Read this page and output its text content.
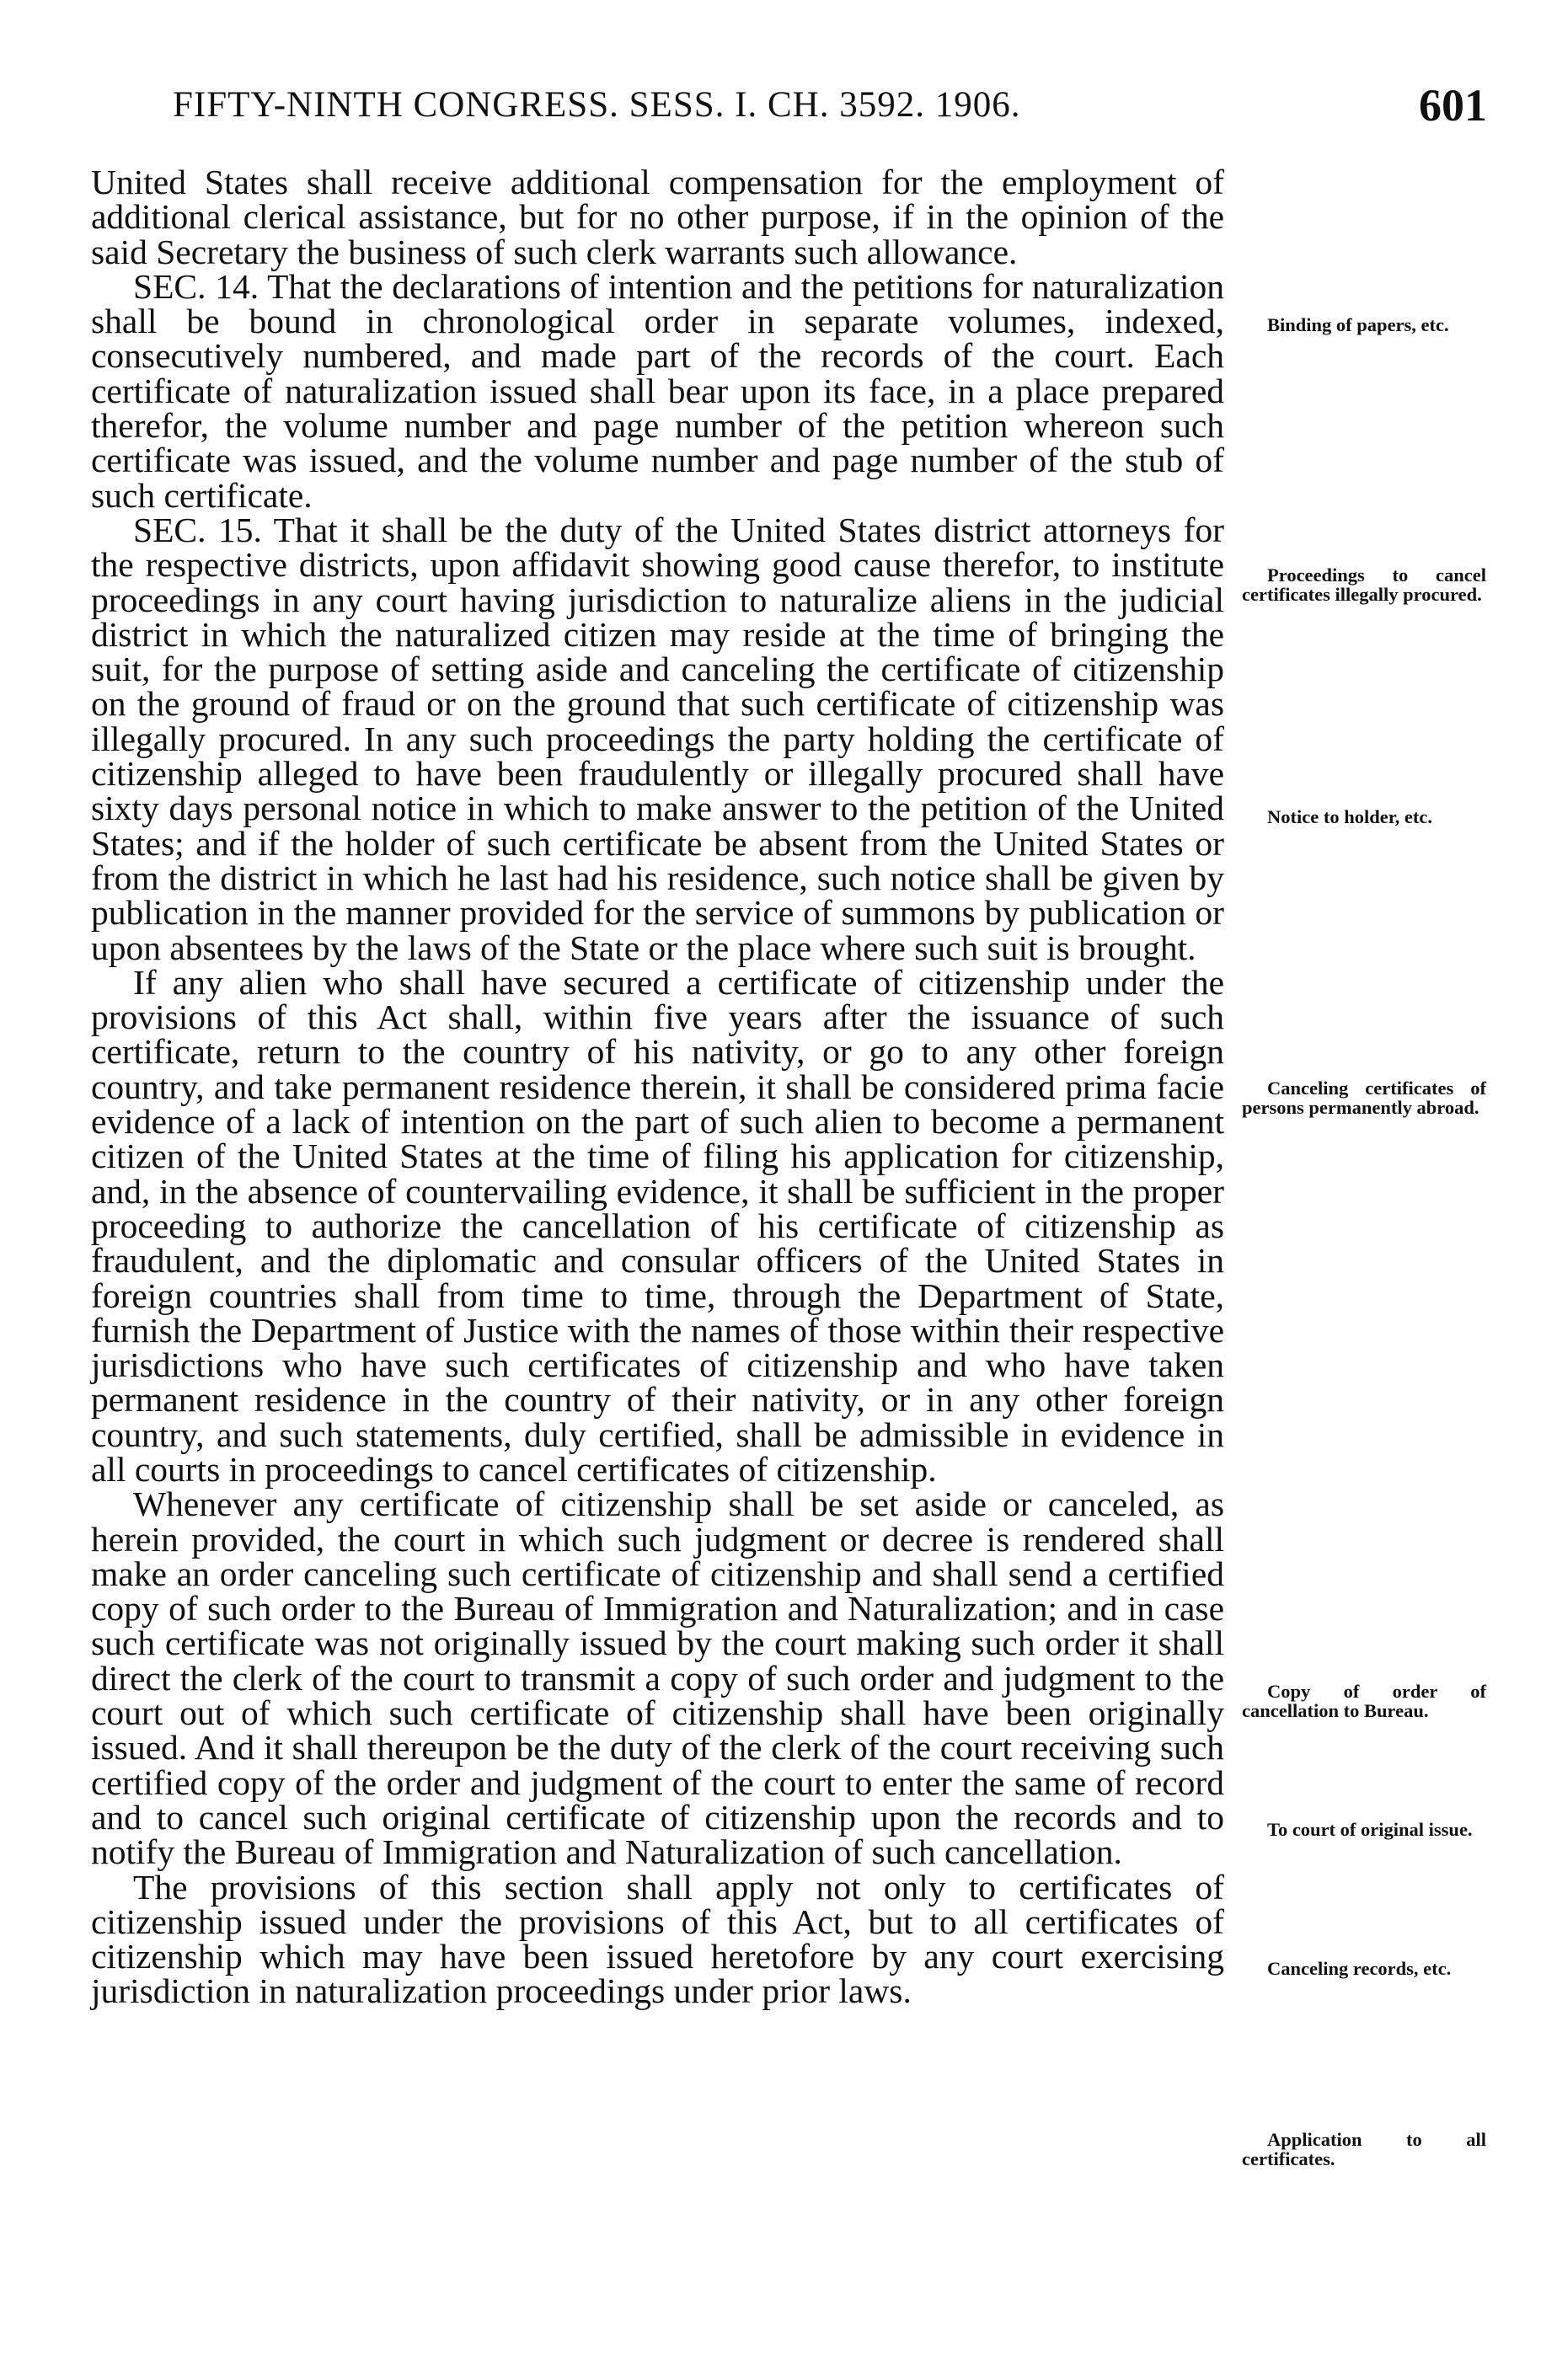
FIFTY-NINTH CONGRESS. SESS. I. CH. 3592. 1906.	601

United States shall receive additional compensation for the employment of additional clerical assistance, but for no other purpose, if in the opinion of the said Secretary the business of such clerk warrants such allowance.

SEC. 14. That the declarations of intention and the petitions for naturalization shall be bound in chronological order in separate volumes, indexed, consecutively numbered, and made part of the records of the court. Each certificate of naturalization issued shall bear upon its face, in a place prepared therefor, the volume number and page number of the petition whereon such certificate was issued, and the volume number and page number of the stub of such certificate.

SEC. 15. That it shall be the duty of the United States district attorneys for the respective districts, upon affidavit showing good cause therefor, to institute proceedings in any court having jurisdiction to naturalize aliens in the judicial district in which the naturalized citizen may reside at the time of bringing the suit, for the purpose of setting aside and canceling the certificate of citizenship on the ground of fraud or on the ground that such certificate of citizenship was illegally procured. In any such proceedings the party holding the certificate of citizenship alleged to have been fraudulently or illegally procured shall have sixty days personal notice in which to make answer to the petition of the United States; and if the holder of such certificate be absent from the United States or from the district in which he last had his residence, such notice shall be given by publication in the manner provided for the service of summons by publication or upon absentees by the laws of the State or the place where such suit is brought.

If any alien who shall have secured a certificate of citizenship under the provisions of this Act shall, within five years after the issuance of such certificate, return to the country of his nativity, or go to any other foreign country, and take permanent residence therein, it shall be considered prima facie evidence of a lack of intention on the part of such alien to become a permanent citizen of the United States at the time of filing his application for citizenship, and, in the absence of countervailing evidence, it shall be sufficient in the proper proceeding to authorize the cancellation of his certificate of citizenship as fraudulent, and the diplomatic and consular officers of the United States in foreign countries shall from time to time, through the Department of State, furnish the Department of Justice with the names of those within their respective jurisdictions who have such certificates of citizenship and who have taken permanent residence in the country of their nativity, or in any other foreign country, and such statements, duly certified, shall be admissible in evidence in all courts in proceedings to cancel certificates of citizenship.

Whenever any certificate of citizenship shall be set aside or canceled, as herein provided, the court in which such judgment or decree is rendered shall make an order canceling such certificate of citizenship and shall send a certified copy of such order to the Bureau of Immigration and Naturalization; and in case such certificate was not originally issued by the court making such order it shall direct the clerk of the court to transmit a copy of such order and judgment to the court out of which such certificate of citizenship shall have been originally issued. And it shall thereupon be the duty of the clerk of the court receiving such certified copy of the order and judgment of the court to enter the same of record and to cancel such original certificate of citizenship upon the records and to notify the Bureau of Immigration and Naturalization of such cancellation.

The provisions of this section shall apply not only to certificates of citizenship issued under the provisions of this Act, but to all certificates of citizenship which may have been issued heretofore by any court exercising jurisdiction in naturalization proceedings under prior laws.

Binding of papers, etc.
Proceedings to cancel certificates illegally procured.
Notice to holder, etc.
Canceling certificates of persons permanently abroad.
Copy of order of cancellation to Bureau.
To court of original issue.
Canceling records, etc.
Application to all certificates.
